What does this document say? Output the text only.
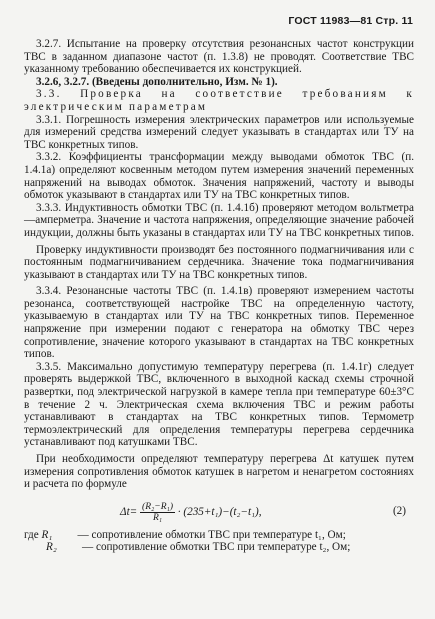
ГОСТ 11983—81 Стр. 11

3.2.7. Испытание на проверку отсутствия резонансных частот конструкции ТВС в заданном диапазоне частот (п. 1.3.8) не проводят. Соответствие ТВС указанному требованию обеспечивается их конструкцией.

3.2.6, 3.2.7. (Введены дополнительно, Изм. № 1).

3.3. Проверка на соответствие требованиям к электрическим параметрам

3.3.1. Погрешность измерения электрических параметров или используемые для измерений средства измерений следует указывать в стандартах или ТУ на ТВС конкретных типов.

3.3.2. Коэффициенты трансформации между выводами обмоток ТВС (п. 1.4.1а) определяют косвенным методом путем измерения значений переменных напряжений на выводах обмоток. Значения напряжений, частоту и выводы обмоток указывают в стандартах или ТУ на ТВС конкретных типов.

3.3.3. Индуктивность обмотки ТВС (п. 1.4.1б) проверяют методом вольтметра—амперметра. Значение и частота напряжения, определяющие значение рабочей индукции, должны быть указаны в стандартах или ТУ на ТВС конкретных типов.

Проверку индуктивности производят без постоянного подмагничивания или с постоянным подмагничиванием сердечника. Значение тока подмагничивания указывают в стандартах или ТУ на ТВС конкретных типов.

3.3.4. Резонансные частоты ТВС (п. 1.4.1в) проверяют измерением частоты резонанса, соответствующей настройке ТВС на определенную частоту, указываемую в стандартах или ТУ на ТВС конкретных типов. Переменное напряжение при измерении подают с генератора на обмотку ТВС через сопротивление, значение которого указывают в стандартах на ТВС конкретных типов.

3.3.5. Максимально допустимую температуру перегрева (п. 1.4.1г) следует проверять выдержкой ТВС, включенного в выходной каскад схемы строчной развертки, под электрической нагрузкой в камере тепла при температуре 60±3°С в течение 2 ч. Электрическая схема включения ТВС и режим работы устанавливают в стандартах на ТВС конкретных типов. Термометр термоэлектрический для определения температуры перегрева сердечника устанавливают под катушками ТВС.

При необходимости определяют температуру перегрева Δt катушек путем измерения сопротивления обмоток катушек в нагретом и ненагретом состояниях и расчета по формуле

$\Delta t= \frac{\text{(R₂−R₁)}}{\text{R₁}} \cdot (235+t_1)-(t_2-t_1)$,	(2)

где R₁ — сопротивление обмотки ТВС при температуре t₁, Ом;

R₂ — сопротивление обмотки ТВС при температуре t₂, Ом;
